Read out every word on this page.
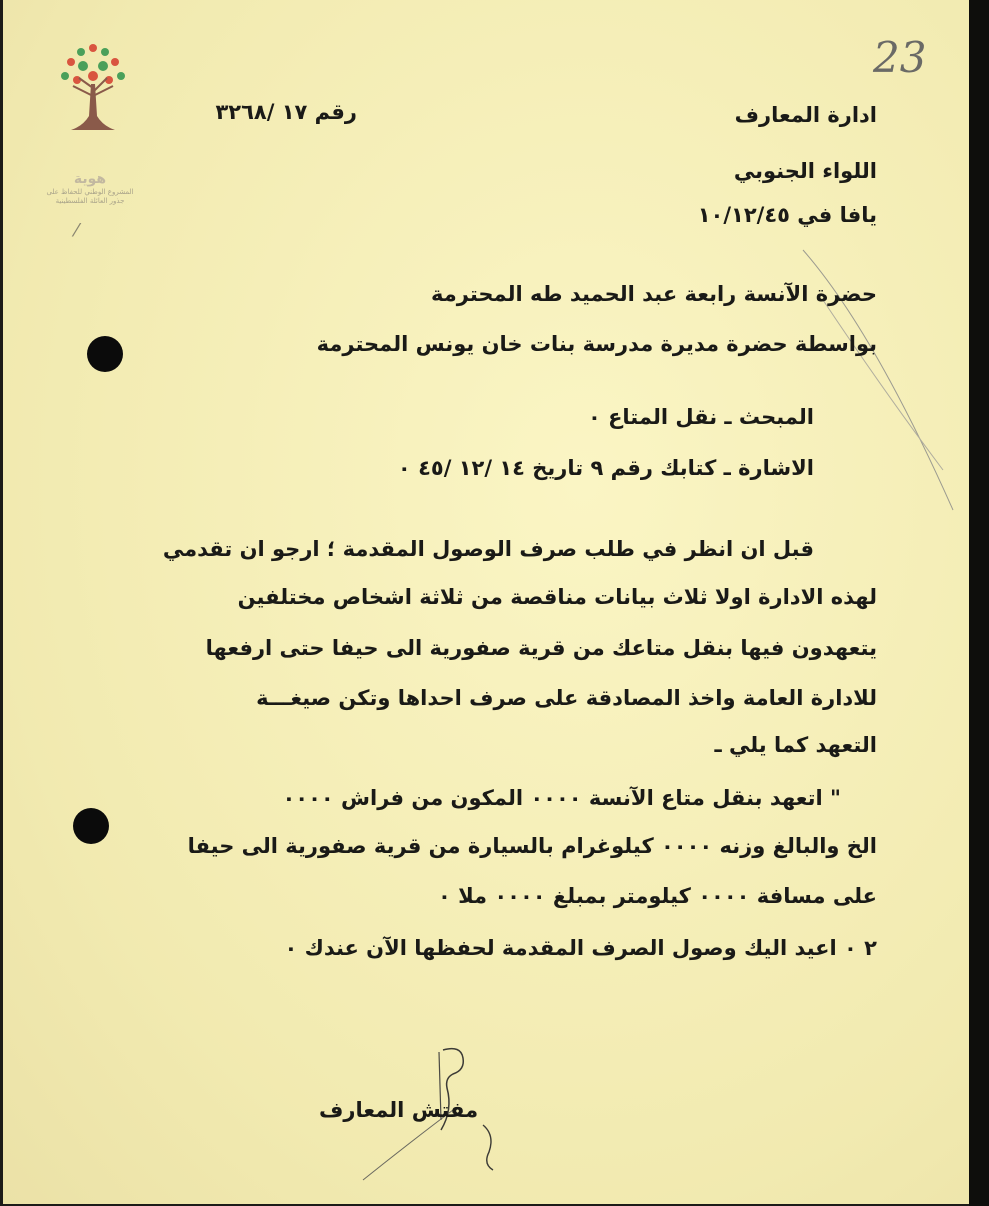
هوية
المشروع الوطني للحفاظ على جذور العائلة الفلسطينية
23
⁄
ادارة المعارف
اللواء الجنوبي
يافا في ١٠/١٢/٤٥
رقم ١٧ /٣٢٦٨
حضرة الآنسة رابعة عبد الحميد طه المحترمة
بواسطة حضرة مديرة مدرسة بنات خان يونس المحترمة
المبحث ـ نقل المتاع ٠
الاشارة ـ كتابك رقم ٩ تاريخ ١٤ /١٢ /٤٥ ٠
قبل ان انظر في طلب صرف الوصول المقدمة ؛ ارجو ان تقدمي
لهذه الادارة اولا ثلاث بيانات مناقصة من ثلاثة اشخاص مختلفين
يتعهدون فيها بنقل متاعك من قرية صفورية الى حيفا حتى ارفعها
للادارة العامة واخذ المصادقة على صرف احداها وتكن صيغـــة
التعهد كما يلي ـ
" اتعهد بنقل متاع الآنسة ٠٠٠٠ المكون من فراش ٠٠٠٠
الخ والبالغ وزنه ٠٠٠٠ كيلوغرام بالسيارة من قرية صفورية الى حيفا
على مسافة ٠٠٠٠ كيلومتر بمبلغ ٠٠٠٠ ملا ٠
٢ ٠ اعيد اليك وصول الصرف المقدمة لحفظها الآن عندك ٠
مفتش المعارف
